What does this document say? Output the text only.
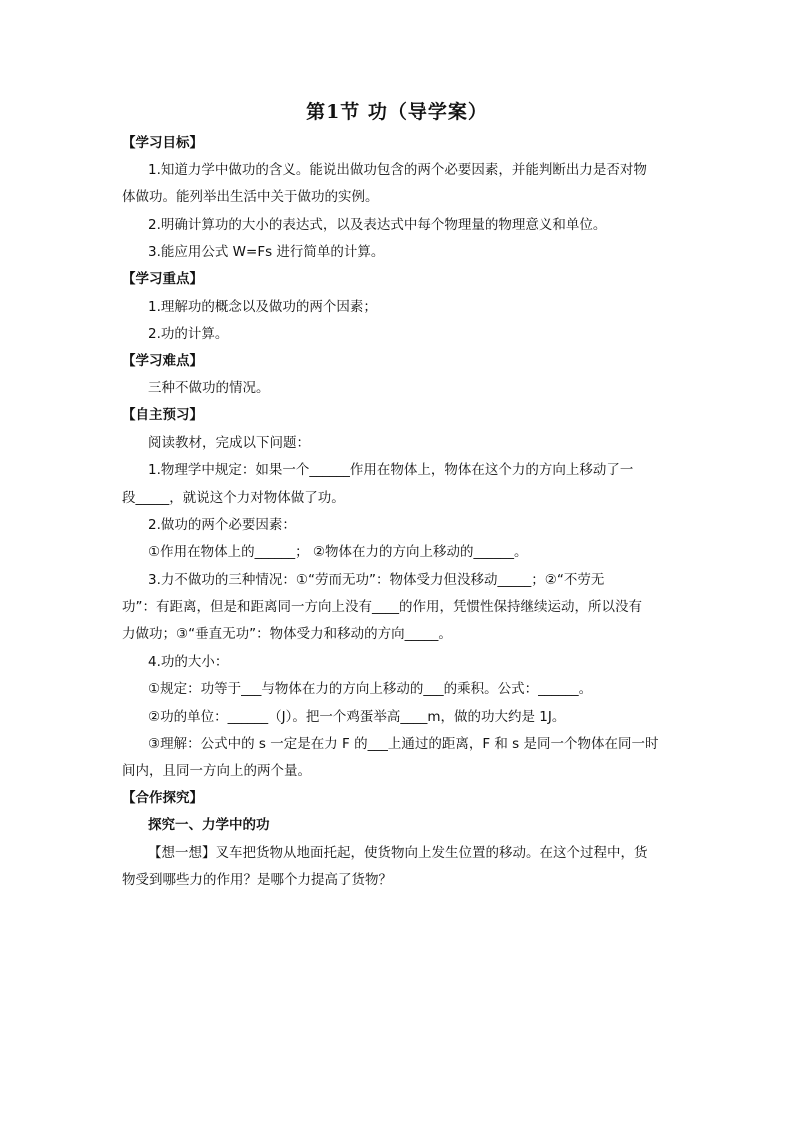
第1节 功（导学案）
【学习目标】
1.知道力学中做功的含义。能说出做功包含的两个必要因素，并能判断出力是否对物
体做功。能列举出生活中关于做功的实例。
2.明确计算功的大小的表达式，以及表达式中每个物理量的物理意义和单位。
3.能应用公式 W=Fs 进行简单的计算。
【学习重点】
1.理解功的概念以及做功的两个因素；
2.功的计算。
【学习难点】
三种不做功的情况。
【自主预习】
阅读教材，完成以下问题：
1.物理学中规定：如果一个______作用在物体上，物体在这个力的方向上移动了一
段_____，就说这个力对物体做了功。
2.做功的两个必要因素：
①作用在物体上的______； ②物体在力的方向上移动的______。
3.力不做功的三种情况：①“劳而无功”：物体受力但没移动_____；②“不劳无
功”：有距离，但是和距离同一方向上没有____的作用，凭惯性保持继续运动，所以没有
力做功；③“垂直无功”：物体受力和移动的方向_____。
4.功的大小：
①规定：功等于___与物体在力的方向上移动的___的乘积。公式：______。
②功的单位：______（J）。把一个鸡蛋举高____m，做的功大约是 1J。
③理解：公式中的 s 一定是在力 F 的___上通过的距离，F 和 s 是同一个物体在同一时
间内，且同一方向上的两个量。
【合作探究】
探究一、力学中的功
【想一想】叉车把货物从地面托起，使货物向上发生位置的移动。在这个过程中，货
物受到哪些力的作用？是哪个力提高了货物？
